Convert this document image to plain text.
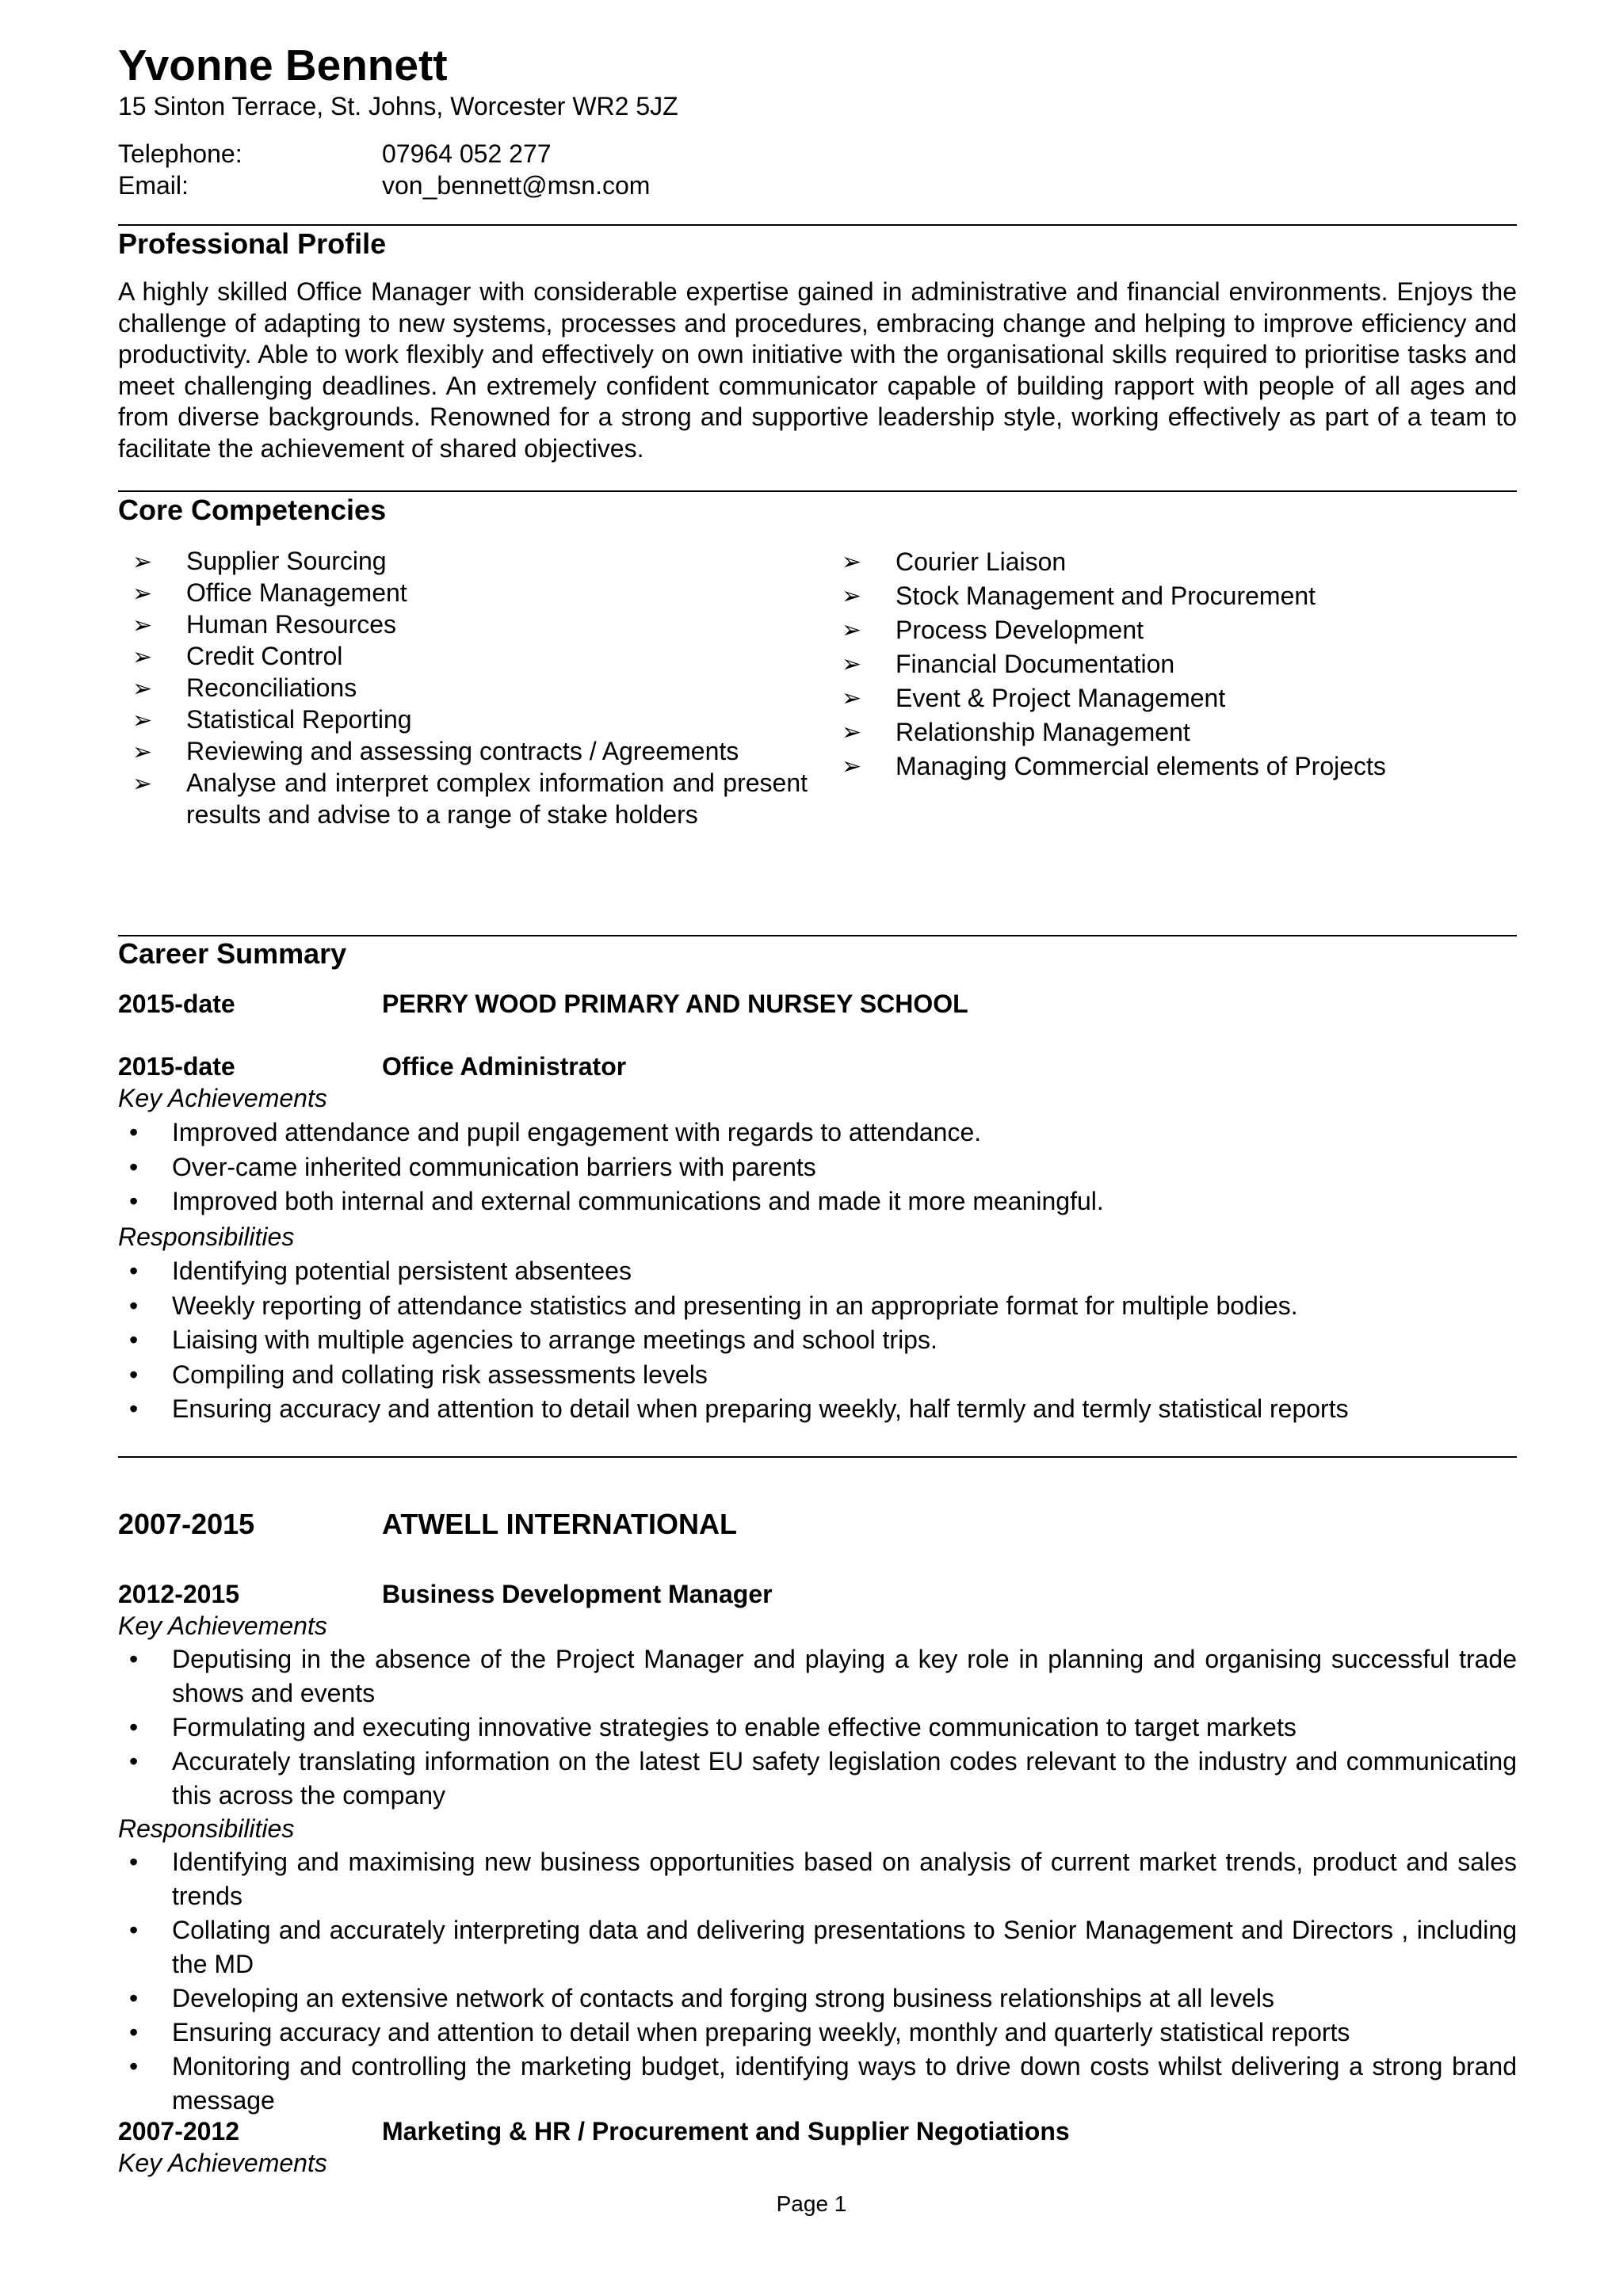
Yvonne Bennett
15 Sinton Terrace, St. Johns, Worcester WR2 5JZ
Telephone:	07964 052 277
Email:	von_bennett@msn.com
Professional Profile
A highly skilled Office Manager with considerable expertise gained in administrative and financial environments. Enjoys the challenge of adapting to new systems, processes and procedures, embracing change and helping to improve efficiency and productivity. Able to work flexibly and effectively on own initiative with the organisational skills required to prioritise tasks and meet challenging deadlines. An extremely confident communicator capable of building rapport with people of all ages and from diverse backgrounds. Renowned for a strong and supportive leadership style, working effectively as part of a team to facilitate the achievement of shared objectives.
Core Competencies
➢ Supplier Sourcing
➢ Office Management
➢ Human Resources
➢ Credit Control
➢ Reconciliations
➢ Statistical Reporting
➢ Reviewing and assessing contracts / Agreements
➢ Analyse and interpret complex information and present results and advise to a range of stake holders
➢ Courier Liaison
➢ Stock Management and Procurement
➢ Process Development
➢ Financial Documentation
➢ Event & Project Management
➢ Relationship Management
➢ Managing Commercial elements of Projects
Career Summary
2015-date	PERRY WOOD PRIMARY AND NURSEY SCHOOL
2015-date	Office Administrator
Key Achievements
• Improved attendance and pupil engagement with regards to attendance.
• Over-came inherited communication barriers with parents
• Improved both internal and external communications and made it more meaningful.
Responsibilities
• Identifying potential persistent absentees
• Weekly reporting of attendance statistics and presenting in an appropriate format for multiple bodies.
• Liaising with multiple agencies to arrange meetings and school trips.
• Compiling and collating risk assessments levels
• Ensuring accuracy and attention to detail when preparing weekly, half termly and termly statistical reports
2007-2015	ATWELL INTERNATIONAL
2012-2015	Business Development Manager
Key Achievements
• Deputising in the absence of the Project Manager and playing a key role in planning and organising successful trade shows and events
• Formulating and executing innovative strategies to enable effective communication to target markets
• Accurately translating information on the latest EU safety legislation codes relevant to the industry and communicating this across the company
Responsibilities
• Identifying and maximising new business opportunities based on analysis of current market trends, product and sales trends
• Collating and accurately interpreting data and delivering presentations to Senior Management and Directors , including the MD
• Developing an extensive network of contacts and forging strong business relationships at all levels
• Ensuring accuracy and attention to detail when preparing weekly, monthly and quarterly statistical reports
• Monitoring and controlling the marketing budget, identifying ways to drive down costs whilst delivering a strong brand message
2007-2012	Marketing & HR / Procurement and Supplier Negotiations
Key Achievements
Page 1
